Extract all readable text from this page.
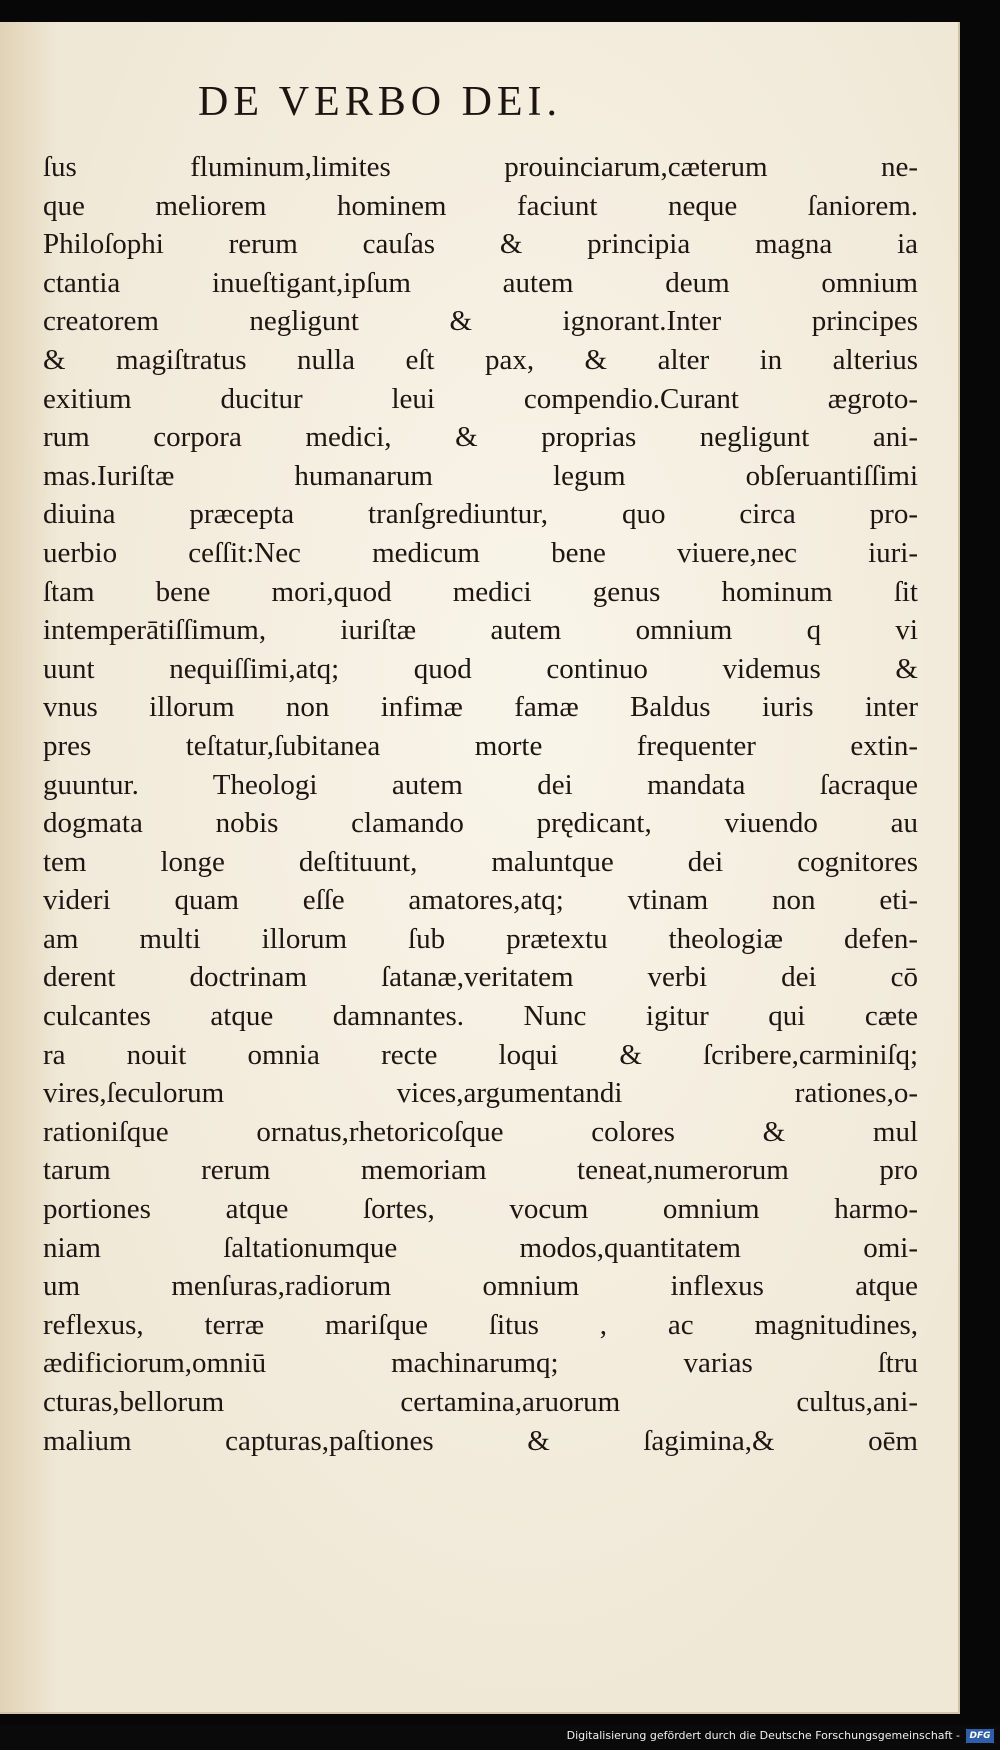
DE VERBO DEI.
ſus fluminum,limites prouinciarum,cæterum ne-
que meliorem hominem faciunt neque ſaniorem.
Philoſophi rerum cauſas & principia magna ia
ctantia inueſtigant,ipſum autem deum omnium
creatorem negligunt & ignorant.Inter principes
& magiſtratus nulla eſt pax, & alter in alterius
exitium ducitur leui compendio.Curant ægroto-
rum corpora medici, & proprias negligunt ani-
mas.Iuriſtæ humanarum legum obſeruantiſſimi
diuina præcepta tranſgrediuntur, quo circa pro-
uerbio ceſſit:Nec medicum bene viuere,nec iuri-
ſtam bene mori,quod medici genus hominum ſit
intemperātiſſimum, iuriſtæ autem omnium q vi
uunt nequiſſimi,atq; quod continuo videmus &
vnus illorum non infimæ famæ Baldus iuris inter
pres teſtatur,ſubitanea morte frequenter extin-
guuntur. Theologi autem dei mandata ſacraque
dogmata nobis clamando prędicant, viuendo au
tem longe deſtituunt, maluntque dei cognitores
videri quam eſſe amatores,atq; vtinam non eti-
am multi illorum ſub prætextu theologiæ defen-
derent doctrinam ſatanæ,veritatem verbi dei cō
culcantes atque damnantes. Nunc igitur qui cæte
ra nouit omnia recte loqui & ſcribere,carminiſq;
vires,ſeculorum vices,argumentandi rationes,o-
rationiſque ornatus,rhetoricoſque colores & mul
tarum rerum memoriam teneat,numerorum pro
portiones atque ſortes, vocum omnium harmo-
niam ſaltationumque modos,quantitatem omi-
um menſuras,radiorum omnium inflexus atque
reflexus, terræ mariſque ſitus , ac magnitudines,
ædificiorum,omniū machinarumq; varias ſtru
cturas,bellorum certamina,aruorum cultus,ani-
malium capturas,paſtiones & ſagimina,& oēm
Digitalisierung gefördert durch die Deutsche Forschungsgemeinschaft -	DFG
